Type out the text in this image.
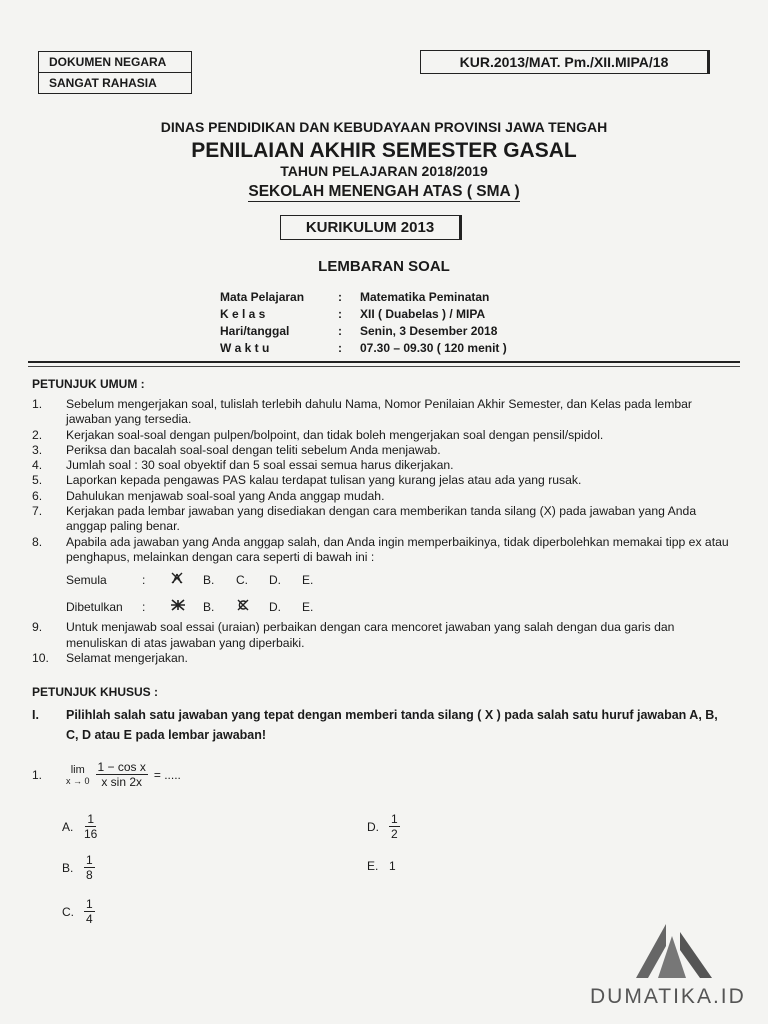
DOKUMEN NEGARA
SANGAT RAHASIA
KUR.2013/MAT. Pm./XII.MIPA/18
DINAS PENDIDIKAN DAN KEBUDAYAAN PROVINSI JAWA TENGAH
PENILAIAN AKHIR SEMESTER GASAL
TAHUN PELAJARAN 2018/2019
SEKOLAH MENENGAH ATAS ( SMA )
KURIKULUM 2013
LEMBARAN SOAL
Mata Pelajaran	:	Matematika Peminatan
K e l a s	:	XII ( Duabelas ) / MIPA
Hari/tanggal	:	Senin, 3 Desember 2018
W a k t u	:	07.30 – 09.30 ( 120 menit )
PETUNJUK UMUM :
1.	Sebelum mengerjakan soal, tulislah terlebih dahulu Nama, Nomor Penilaian Akhir Semester, dan Kelas pada lembar jawaban yang tersedia.
2.	Kerjakan soal-soal dengan pulpen/bolpoint, dan tidak boleh mengerjakan soal dengan pensil/spidol.
3.	Periksa dan bacalah soal-soal dengan teliti sebelum Anda menjawab.
4.	Jumlah soal : 30 soal obyektif dan 5 soal essai semua harus dikerjakan.
5.	Laporkan kepada pengawas PAS kalau terdapat tulisan yang kurang jelas atau ada yang rusak.
6.	Dahulukan menjawab soal-soal yang Anda anggap mudah.
7.	Kerjakan pada lembar jawaban yang disediakan dengan cara memberikan tanda silang (X) pada jawaban yang Anda anggap paling benar.
8.	Apabila ada jawaban yang Anda anggap salah, dan Anda ingin memperbaikinya, tidak diperbolehkan memakai tipp ex atau penghapus, melainkan dengan cara seperti di bawah ini :
Semula	:	B.	C.	D.	E.
Dibetulkan	:	B.	D.	E.
9.	Untuk menjawab soal essai (uraian) perbaikan dengan cara mencoret jawaban yang salah dengan dua garis dan menuliskan di atas jawaban yang diperbaiki.
10.	Selamat mengerjakan.
PETUNJUK KHUSUS :
I.	Pilihlah salah satu jawaban yang tepat dengan memberi tanda silang ( X ) pada salah satu huruf jawaban A, B, C, D atau E pada lembar jawaban!
1.	lim
$x \to 0 \frac{\text{1 − cos x}}{\text{x sin 2x}}$ = .....
A. $\frac{1}{16}$
B. $\frac{1}{8}$
C. $\frac{1}{4}$
D. $\frac{1}{2}$
E. 1
DUMATIKA.ID
